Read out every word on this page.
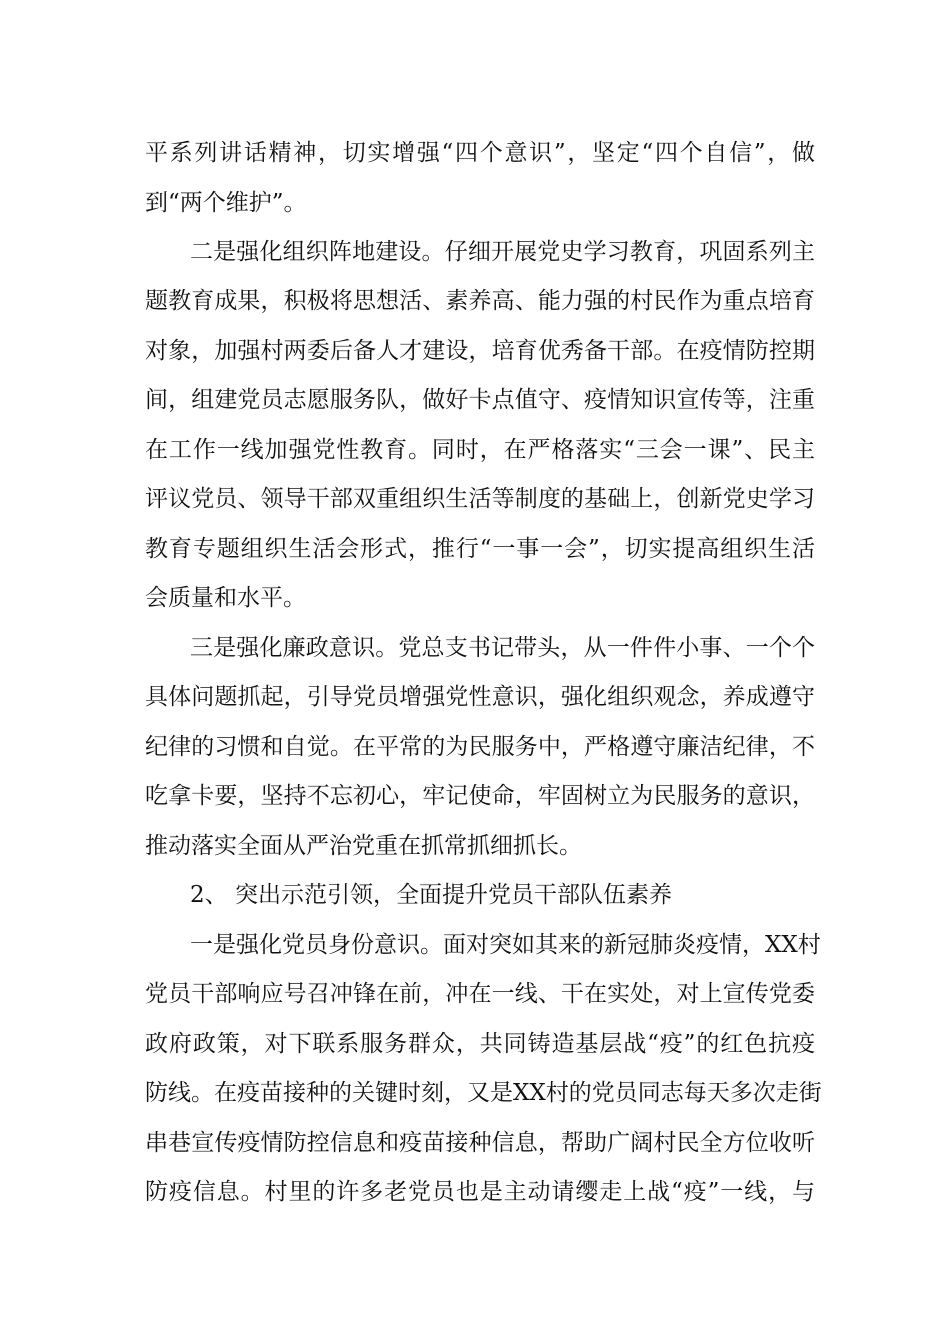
平系列讲话精神，切实增强“四个意识”，坚定“四个自信”，做
到“两个维护”。
二是强化组织阵地建设。仔细开展党史学习教育，巩固系列主
题教育成果，积极将思想活、素养高、能力强的村民作为重点培育
对象，加强村两委后备人才建设，培育优秀备干部。在疫情防控期
间，组建党员志愿服务队，做好卡点值守、疫情知识宣传等，注重
在工作一线加强党性教育。同时，在严格落实“三会一课”、民主
评议党员、领导干部双重组织生活等制度的基础上，创新党史学习
教育专题组织生活会形式，推行“一事一会”，切实提高组织生活
会质量和水平。
三是强化廉政意识。党总支书记带头，从一件件小事、一个个
具体问题抓起，引导党员增强党性意识，强化组织观念，养成遵守
纪律的习惯和自觉。在平常的为民服务中，严格遵守廉洁纪律，不
吃拿卡要，坚持不忘初心，牢记使命，牢固树立为民服务的意识，
推动落实全面从严治党重在抓常抓细抓长。
2、 突出示范引领，全面提升党员干部队伍素养
一是强化党员身份意识。面对突如其来的新冠肺炎疫情，XX村
党员干部响应号召冲锋在前，冲在一线、干在实处，对上宣传党委
政府政策，对下联系服务群众，共同铸造基层战“疫”的红色抗疫
防线。在疫苗接种的关键时刻，又是XX村的党员同志每天多次走街
串巷宣传疫情防控信息和疫苗接种信息，帮助广阔村民全方位收听
防疫信息。村里的许多老党员也是主动请缨走上战“疫”一线，与
